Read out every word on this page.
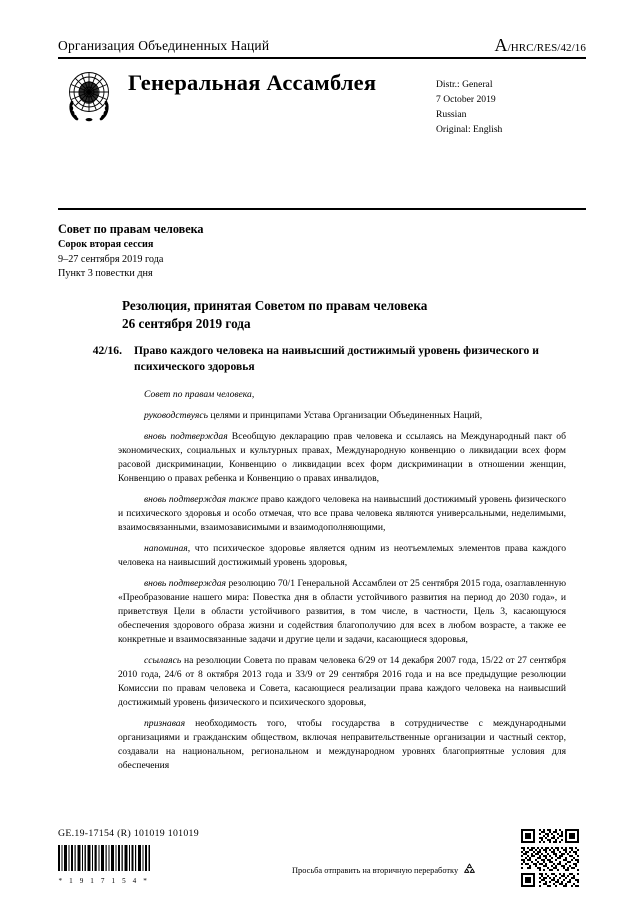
Организация Объединенных Наций	A/HRC/RES/42/16
Генеральная Ассамблея	Distr.: General
7 October 2019
Russian
Original: English
Совет по правам человека
Сорок вторая сессия
9–27 сентября 2019 года
Пункт 3 повестки дня
Резолюция, принятая Советом по правам человека
26 сентября 2019 года
42/16.	Право каждого человека на наивысший достижимый уровень физического и психического здоровья

Совет по правам человека,

руководствуясь целями и принципами Устава Организации Объединенных Наций,

вновь подтверждая Всеобщую декларацию прав человека и ссылаясь на Международный пакт об экономических, социальных и культурных правах, Международную конвенцию о ликвидации всех форм расовой дискриминации, Конвенцию о ликвидации всех форм дискриминации в отношении женщин, Конвенцию о правах ребенка и Конвенцию о правах инвалидов,

вновь подтверждая также право каждого человека на наивысший достижимый уровень физического и психического здоровья и особо отмечая, что все права человека являются универсальными, неделимыми, взаимосвязанными, взаимозависимыми и взаимодополняющими,

напоминая, что психическое здоровье является одним из неотъемлемых элементов права каждого человека на наивысший достижимый уровень здоровья,

вновь подтверждая резолюцию 70/1 Генеральной Ассамблеи от 25 сентября 2015 года, озаглавленную «Преобразование нашего мира: Повестка дня в области устойчивого развития на период до 2030 года», и приветствуя Цели в области устойчивого развития, в том числе, в частности, Цель 3, касающуюся обеспечения здорового образа жизни и содействия благополучию для всех в любом возрасте, а также ее конкретные и взаимосвязанные задачи и другие цели и задачи, касающиеся здоровья,

ссылаясь на резолюции Совета по правам человека 6/29 от 14 декабря 2007 года, 15/22 от 27 сентября 2010 года, 24/6 от 8 октября 2013 года и 33/9 от 29 сентября 2016 года и на все предыдущие резолюции Комиссии по правам человека и Совета, касающиеся реализации права каждого человека на наивысший достижимый уровень физического и психического здоровья,

признавая необходимость того, чтобы государства в сотрудничестве с международными организациями и гражданским обществом, включая неправительственные организации и частный сектор, создавали на национальном, региональном и международном уровнях благоприятные условия для обеспечения

GE.19-17154 (R) 101019 101019
* 1 9 1 7 1 5 4 *
Просьба отправить на вторичную переработку
